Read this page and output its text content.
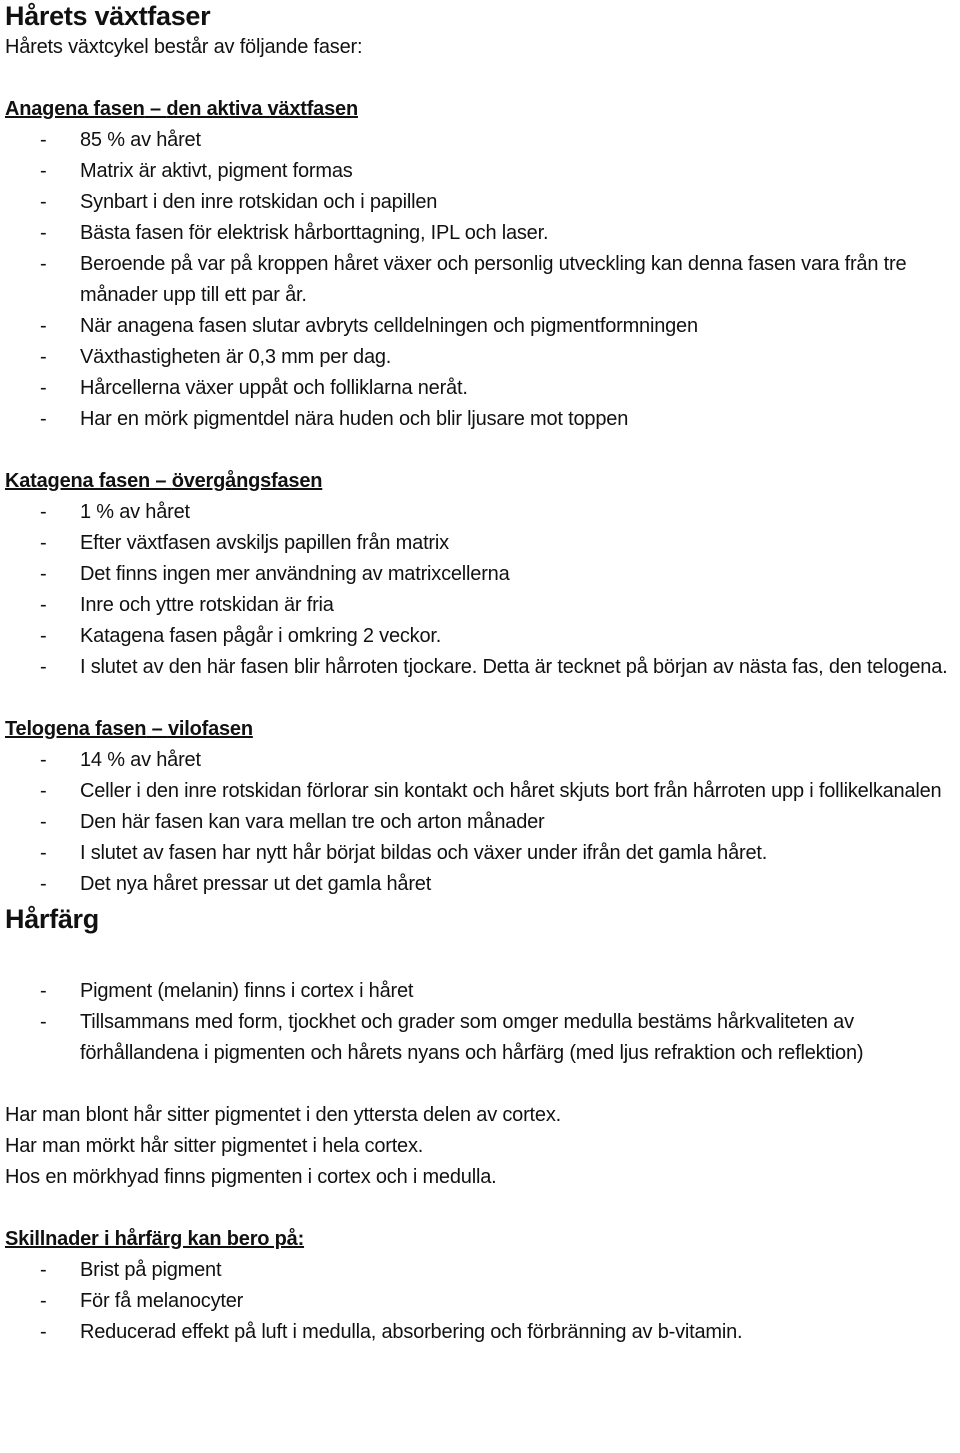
Hårets växtfaser
Hårets växtcykel består av följande faser:
Anagena fasen – den aktiva växtfasen
- 85 % av håret
- Matrix är aktivt, pigment formas
- Synbart i den inre rotskidan och i papillen
- Bästa fasen för elektrisk hårborttagning, IPL och laser.
- Beroende på var på kroppen håret växer och personlig utveckling kan denna fasen vara från tre månader upp till ett par år.
- När anagena fasen slutar avbryts celldelningen och pigmentformningen
- Växthastigheten är 0,3 mm per dag.
- Hårcellerna växer uppåt och folliklarna neråt.
- Har en mörk pigmentdel nära huden och blir ljusare mot toppen
Katagena fasen – övergångsfasen
- 1 % av håret
- Efter växtfasen avskiljs papillen från matrix
- Det finns ingen mer användning av matrixcellerna
- Inre och yttre rotskidan är fria
- Katagena fasen pågår i omkring 2 veckor.
- I slutet av den här fasen blir hårroten tjockare. Detta är tecknet på början av nästa fas, den telogena.
Telogena fasen – vilofasen
- 14 % av håret
- Celler i den inre rotskidan förlorar sin kontakt och håret skjuts bort från hårroten upp i follikelkanalen
- Den här fasen kan vara mellan tre och arton månader
- I slutet av fasen har nytt hår börjat bildas och växer under ifrån det gamla håret.
- Det nya håret pressar ut det gamla håret
Hårfärg
- Pigment (melanin) finns i cortex i håret
- Tillsammans med form, tjockhet och grader som omger medulla bestäms hårkvaliteten av förhållandena i pigmenten och hårets nyans och hårfärg (med ljus refraktion och reflektion)
Har man blont hår sitter pigmentet i den yttersta delen av cortex.
Har man mörkt hår sitter pigmentet i hela cortex.
Hos en mörkhyad finns pigmenten i cortex och i medulla.
Skillnader i hårfärg kan bero på:
- Brist på pigment
- För få melanocyter
- Reducerad effekt på luft i medulla, absorbering och förbränning av b-vitamin.
